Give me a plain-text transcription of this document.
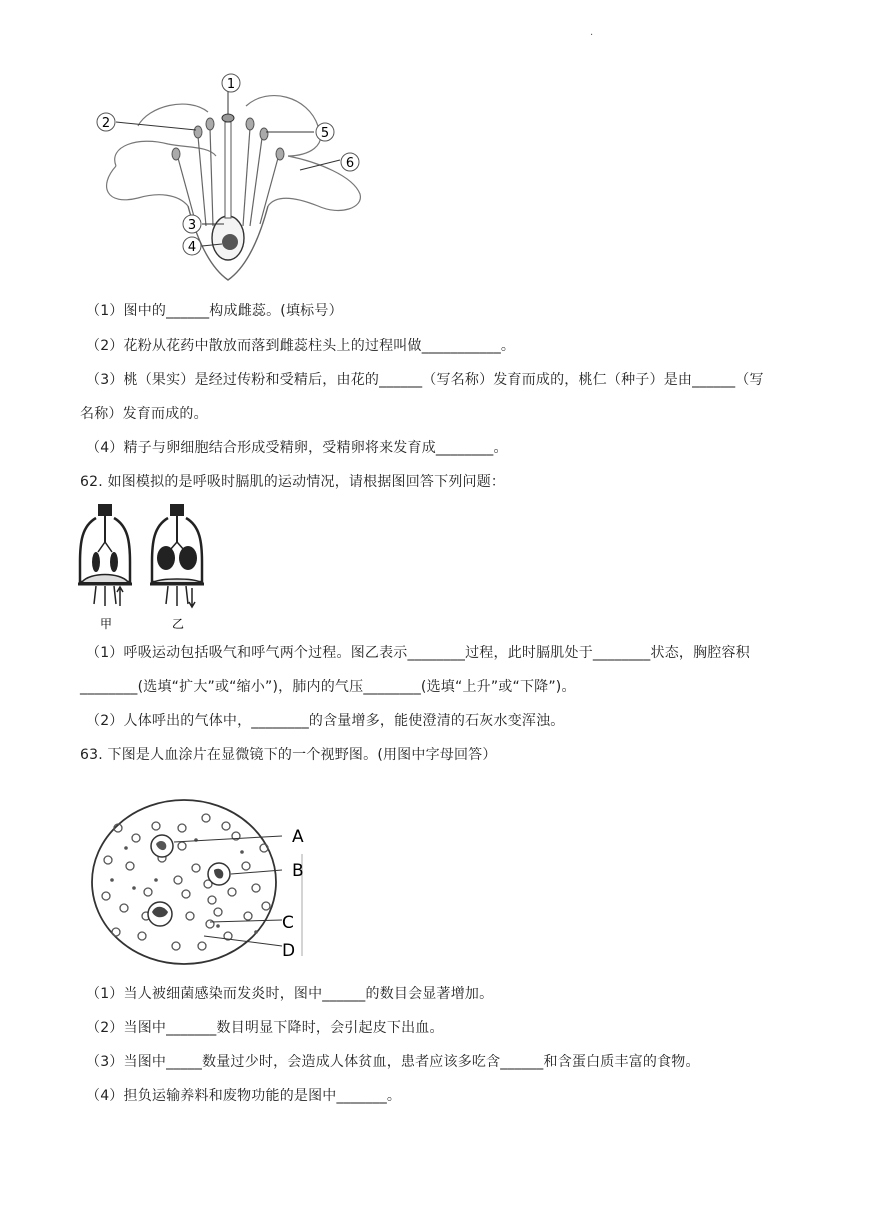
·
1
2
3
4
5
6
（1）图中的______构成雌蕊。(填标号）
（2）花粉从花药中散放而落到雌蕊柱头上的过程叫做___________。
（3）桃（果实）是经过传粉和受精后，由花的______（写名称）发育而成的，桃仁（种子）是由______（写
名称）发育而成的。
（4）精子与卵细胞结合形成受精卵，受精卵将来发育成________。
62. 如图模拟的是呼吸时膈肌的运动情况，请根据图回答下列问题：
甲	乙
（1）呼吸运动包括吸气和呼气两个过程。图乙表示________过程，此时膈肌处于________状态，胸腔容积
________(选填“扩大”或“缩小”)，肺内的气压________(选填“上升”或“下降”)。
（2）人体呼出的气体中，________的含量增多，能使澄清的石灰水变浑浊。
63. 下图是人血涂片在显微镜下的一个视野图。(用图中字母回答）
A
B
C
D
（1）当人被细菌感染而发炎时，图中______的数目会显著增加。
（2）当图中_______数目明显下降时，会引起皮下出血。
（3）当图中_____数量过少时，会造成人体贫血，患者应该多吃含______和含蛋白质丰富的食物。
（4）担负运输养料和废物功能的是图中_______。
